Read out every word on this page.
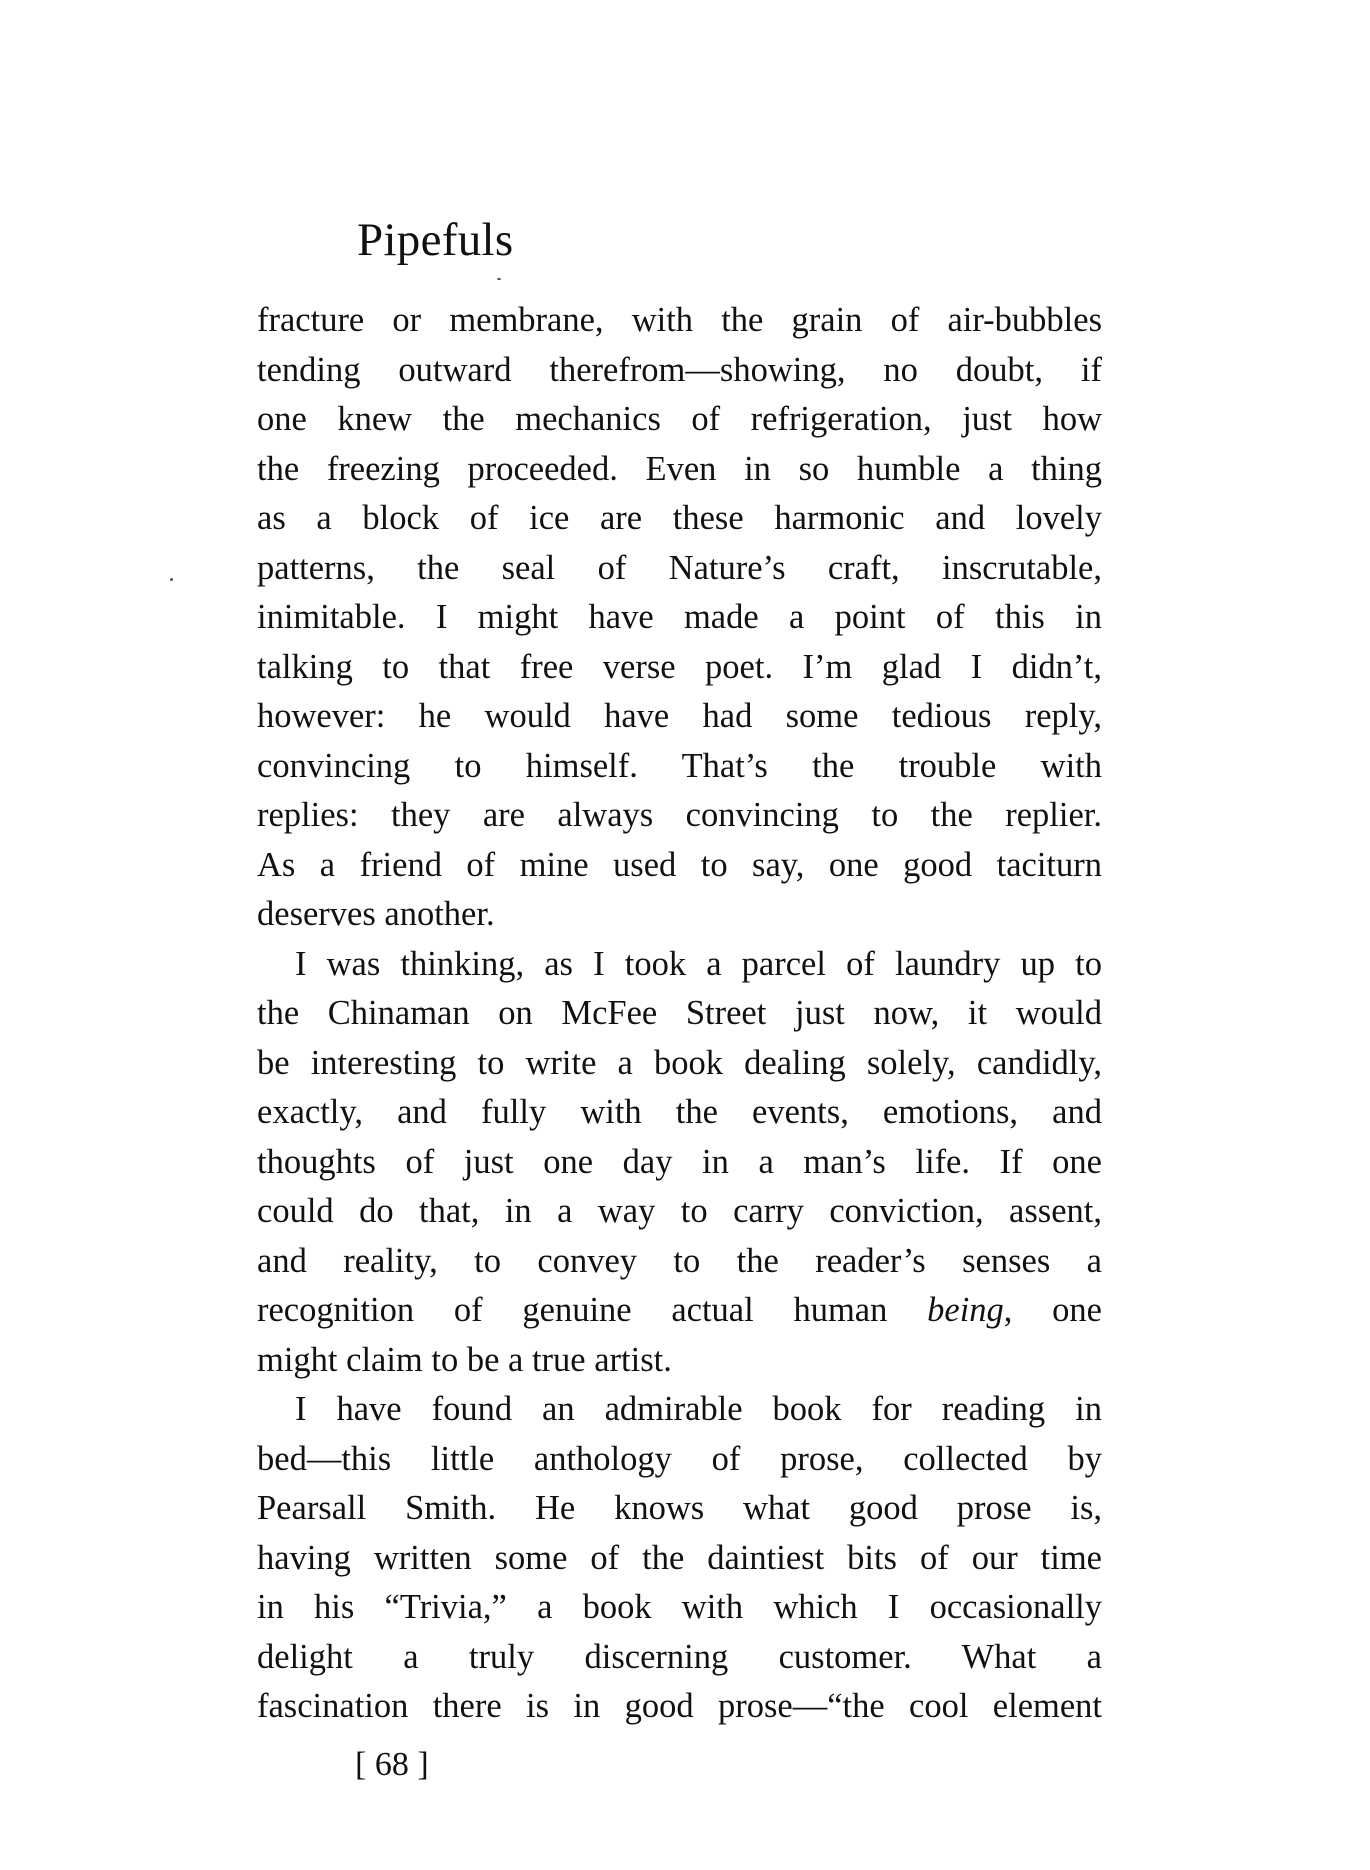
Pipefuls
fracture or membrane, with the grain of air-bubbles
tending outward therefrom—showing, no doubt, if
one knew the mechanics of refrigeration, just how
the freezing proceeded. Even in so humble a thing
as a block of ice are these harmonic and lovely
patterns, the seal of Nature’s craft, inscrutable,
inimitable. I might have made a point of this in
talking to that free verse poet. I’m glad I didn’t,
however: he would have had some tedious reply,
convincing to himself. That’s the trouble with
replies: they are always convincing to the replier.
As a friend of mine used to say, one good taciturn
deserves another.
I was thinking, as I took a parcel of laundry up to
the Chinaman on McFee Street just now, it would
be interesting to write a book dealing solely, candidly,
exactly, and fully with the events, emotions, and
thoughts of just one day in a man’s life. If one
could do that, in a way to carry conviction, assent,
and reality, to convey to the reader’s senses a
recognition of genuine actual human being, one
might claim to be a true artist.
I have found an admirable book for reading in
bed—this little anthology of prose, collected by
Pearsall Smith. He knows what good prose is,
having written some of the daintiest bits of our time
in his “Trivia,” a book with which I occasionally
delight a truly discerning customer. What a
fascination there is in good prose—“the cool element
[ 68 ]
